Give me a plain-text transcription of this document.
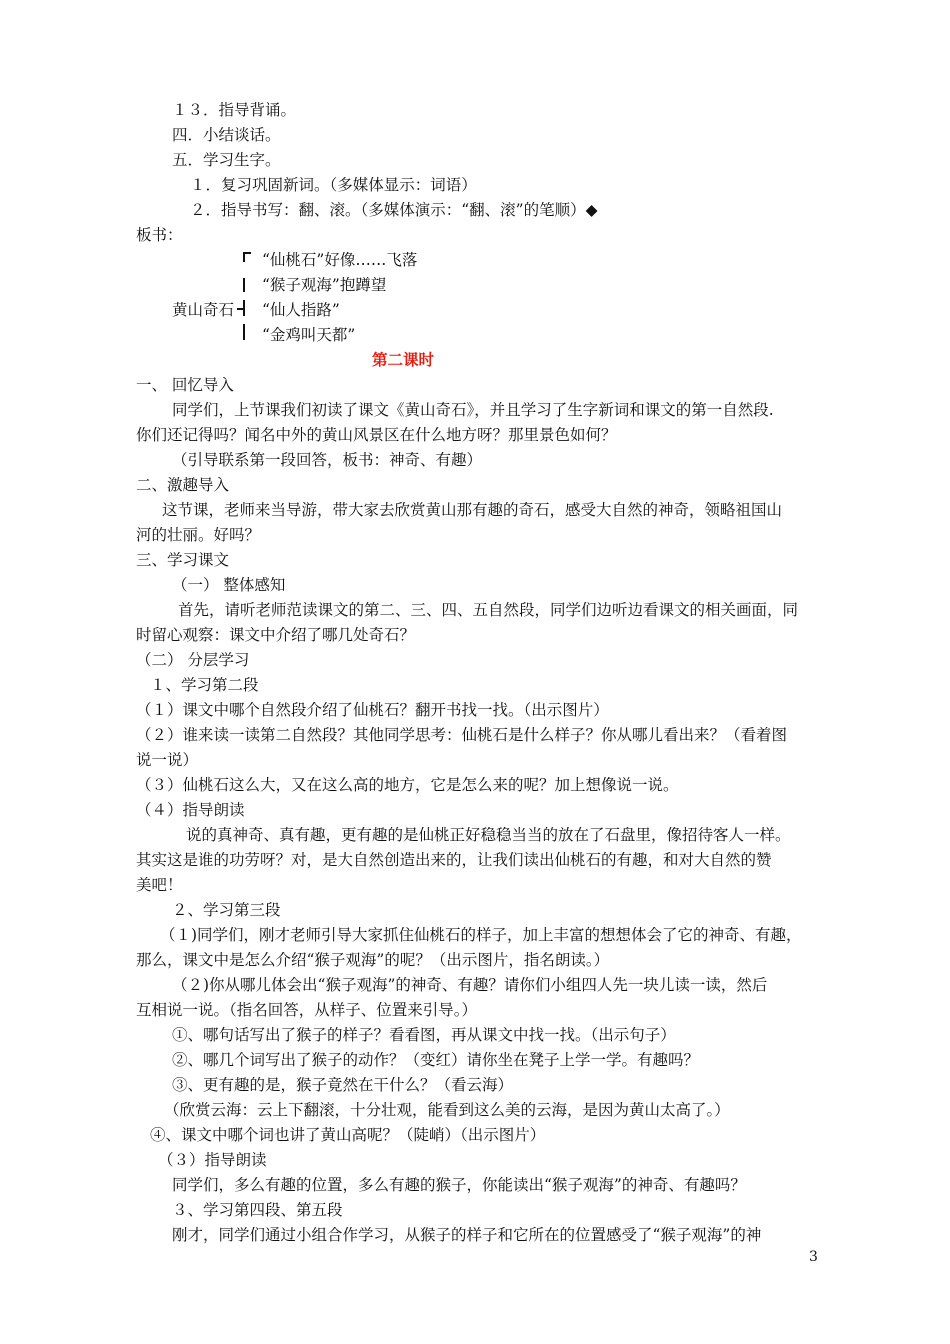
１３．指导背诵。
四．小结谈话。
五．学习生字。
１．复习巩固新词。（多媒体显示：词语）
２．指导书写：翻、滚。（多媒体演示：“翻、滚”的笔顺）◆
板书：
“仙桃石”好像……飞落
“猴子观海”抱蹲望
黄山奇石 “仙人指路”
“金鸡叫天都”
第二课时
一、 回忆导入
同学们，上节课我们初读了课文《黄山奇石》，并且学习了生字新词和课文的第一自然段.
你们还记得吗？闻名中外的黄山风景区在什么地方呀？那里景色如何？
（引导联系第一段回答，板书：神奇、有趣）
二、激趣导入
这节课，老师来当导游，带大家去欣赏黄山那有趣的奇石，感受大自然的神奇，领略祖国山
河的壮丽。好吗？
三、学习课文
（一） 整体感知
首先，请听老师范读课文的第二、三、四、五自然段，同学们边听边看课文的相关画面，同
时留心观察：课文中介绍了哪几处奇石？
（二） 分层学习
１、学习第二段
（１）课文中哪个自然段介绍了仙桃石？翻开书找一找。（出示图片）
（２）谁来读一读第二自然段？其他同学思考：仙桃石是什么样子？你从哪儿看出来？（看着图
说一说）
（３）仙桃石这么大，又在这么高的地方，它是怎么来的呢？加上想像说一说。
（４）指导朗读
说的真神奇、真有趣，更有趣的是仙桃正好稳稳当当的放在了石盘里，像招待客人一样。
其实这是谁的功劳呀？对，是大自然创造出来的，让我们读出仙桃石的有趣，和对大自然的赞
美吧！
２、学习第三段
（１)同学们，刚才老师引导大家抓住仙桃石的样子，加上丰富的想想体会了它的神奇、有趣，
那么，课文中是怎么介绍“猴子观海”的呢？（出示图片，指名朗读。）
（２)你从哪儿体会出“猴子观海”的神奇、有趣？请你们小组四人先一块儿读一读，然后
互相说一说。（指名回答，从样子、位置来引导。）
①、哪句话写出了猴子的样子？看看图，再从课文中找一找。（出示句子）
②、哪几个词写出了猴子的动作？（变红）请你坐在凳子上学一学。有趣吗？
③、更有趣的是，猴子竟然在干什么？（看云海）
（欣赏云海：云上下翻滚，十分壮观，能看到这么美的云海，是因为黄山太高了。）
④、课文中哪个词也讲了黄山高呢？（陡峭）（出示图片）
（３）指导朗读
同学们，多么有趣的位置，多么有趣的猴子，你能读出“猴子观海”的神奇、有趣吗？
３、学习第四段、第五段
刚才，同学们通过小组合作学习，从猴子的样子和它所在的位置感受了“猴子观海”的神
3
